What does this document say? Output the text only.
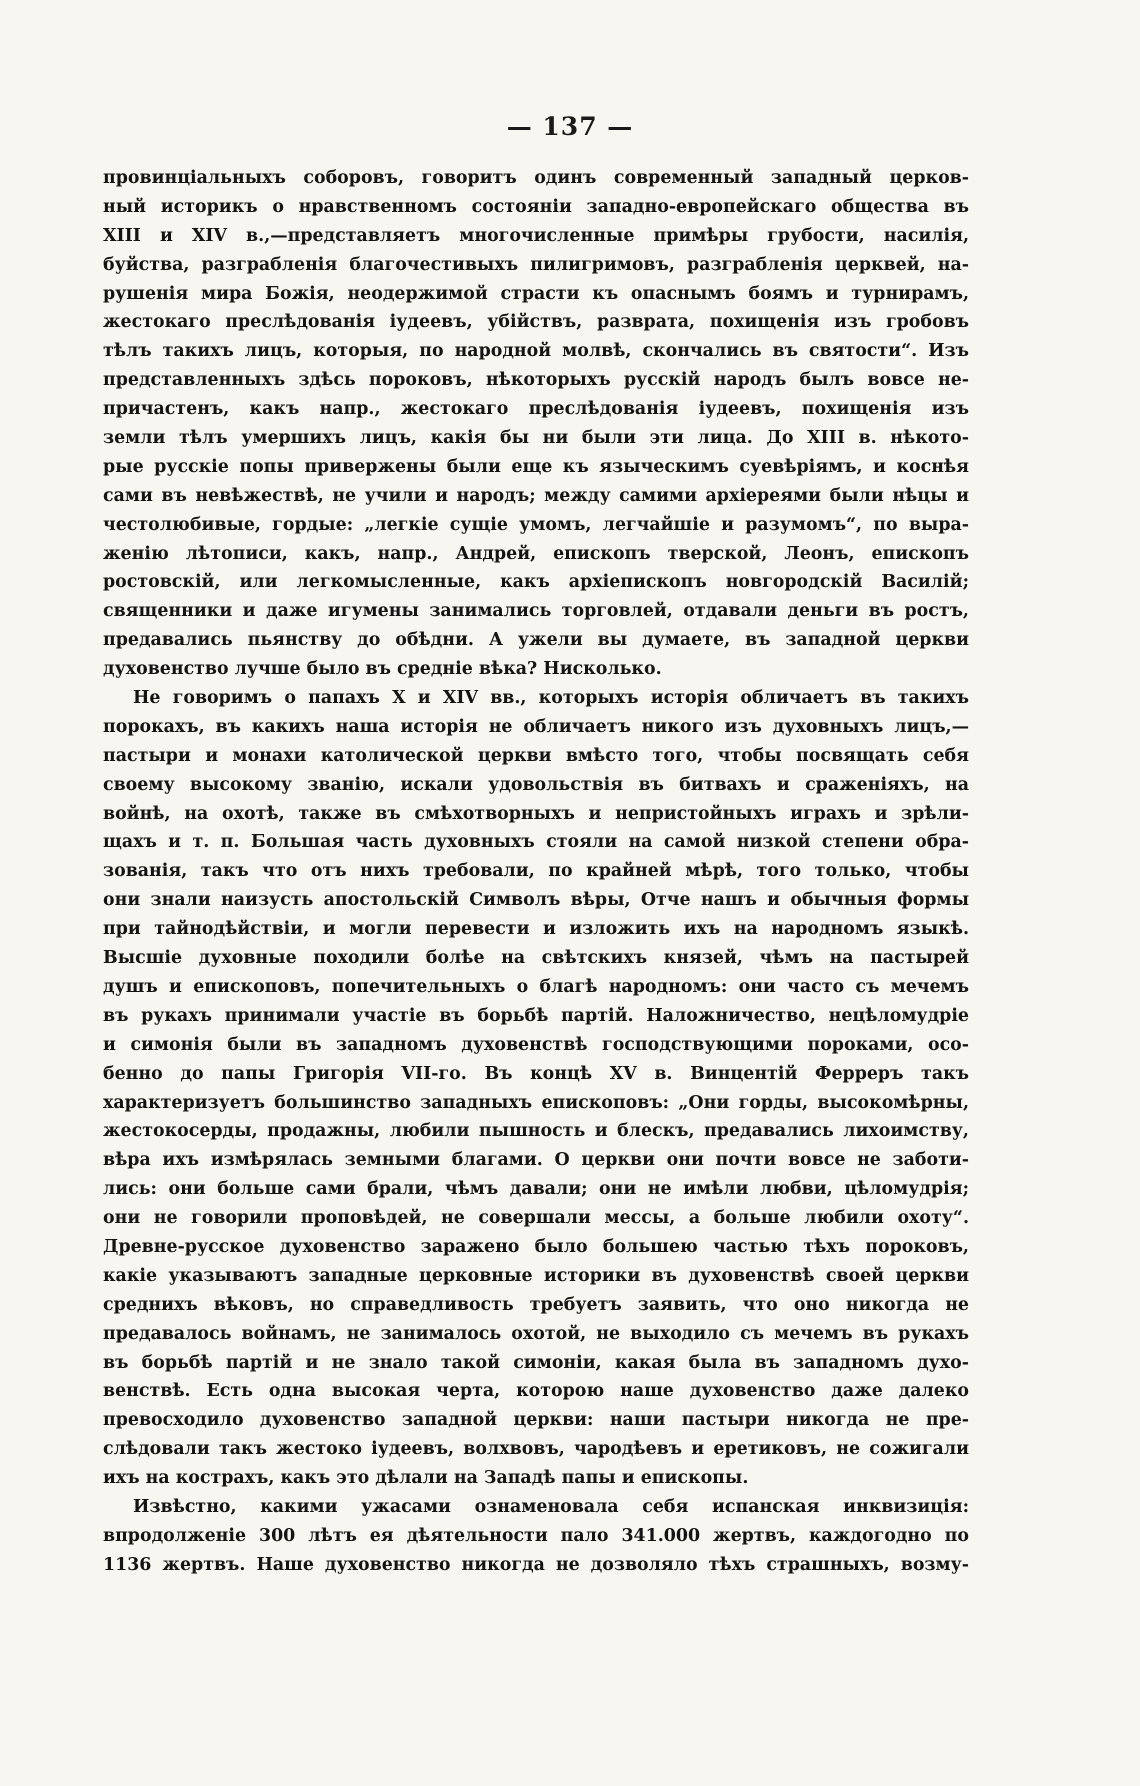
— 137 —
провинціальныхъ соборовъ, говоритъ одинъ современный западный церков-
ный историкъ о нравственномъ состояніи западно-европейскаго общества въ
XIII и XIV в.,—представляетъ многочисленные примѣры грубости, насилія,
буйства, разграбленія благочестивыхъ пилигримовъ, разграбленія церквей, на-
рушенія мира Божія, неодержимой страсти къ опаснымъ боямъ и турнирамъ,
жестокаго преслѣдованія іудеевъ, убійствъ, разврата, похищенія изъ гробовъ
тѣлъ такихъ лицъ, которыя, по народной молвѣ, скончались въ святости“. Изъ
представленныхъ здѣсь пороковъ, нѣкоторыхъ русскій народъ былъ вовсе не-
причастенъ, какъ напр., жестокаго преслѣдованія іудеевъ, похищенія изъ
земли тѣлъ умершихъ лицъ, какія бы ни были эти лица. До XIII в. нѣкото-
рые русскіе попы привержены были еще къ языческимъ суевѣріямъ, и коснѣя
сами въ невѣжествѣ, не учили и народъ; между самими архіереями были нѣцы и
честолюбивые, гордые: „легкіе сущіе умомъ, легчайшіе и разумомъ“, по выра-
женію лѣтописи, какъ, напр., Андрей, епископъ тверской, Леонъ, епископъ
ростовскій, или легкомысленные, какъ архіепископъ новгородскій Василій;
священники и даже игумены занимались торговлей, отдавали деньги въ ростъ,
предавались пьянству до обѣдни. А ужели вы думаете, въ западной церкви
духовенство лучше было въ средніе вѣка? Нисколько.
Не говоримъ о папахъ X и XIV вв., которыхъ исторія обличаетъ въ такихъ
порокахъ, въ какихъ наша исторія не обличаетъ никого изъ духовныхъ лицъ,—
пастыри и монахи католической церкви вмѣсто того, чтобы посвящать себя
своему высокому званію, искали удовольствія въ битвахъ и сраженіяхъ, на
войнѣ, на охотѣ, также въ смѣхотворныхъ и непристойныхъ играхъ и зрѣли-
щахъ и т. п. Большая часть духовныхъ стояли на самой низкой степени обра-
зованія, такъ что отъ нихъ требовали, по крайней мѣрѣ, того только, чтобы
они знали наизусть апостольскій Символъ вѣры, Отче нашъ и обычныя формы
при тайнодѣйствіи, и могли перевести и изложить ихъ на народномъ языкѣ.
Высшіе духовные походили болѣе на свѣтскихъ князей, чѣмъ на пастырей
душъ и епископовъ, попечительныхъ о благѣ народномъ: они часто съ мечемъ
въ рукахъ принимали участіе въ борьбѣ партій. Наложничество, нецѣломудріе
и симонія были въ западномъ духовенствѣ господствующими пороками, осо-
бенно до папы Григорія VII-го. Въ концѣ XV в. Винцентій Ферреръ такъ
характеризуетъ большинство западныхъ епископовъ: „Они горды, высокомѣрны,
жестокосерды, продажны, любили пышность и блескъ, предавались лихоимству,
вѣра ихъ измѣрялась земными благами. О церкви они почти вовсе не заботи-
лись: они больше сами брали, чѣмъ давали; они не имѣли любви, цѣломудрія;
они не говорили проповѣдей, не совершали мессы, а больше любили охоту“.
Древне-русское духовенство заражено было большею частью тѣхъ пороковъ,
какіе указываютъ западные церковные историки въ духовенствѣ своей церкви
среднихъ вѣковъ, но справедливость требуетъ заявить, что оно никогда не
предавалось войнамъ, не занималось охотой, не выходило съ мечемъ въ рукахъ
въ борьбѣ партій и не знало такой симоніи, какая была въ западномъ духо-
венствѣ. Есть одна высокая черта, которою наше духовенство даже далеко
превосходило духовенство западной церкви: наши пастыри никогда не пре-
слѣдовали такъ жестоко іудеевъ, волхвовъ, чародѣевъ и еретиковъ, не сожигали
ихъ на кострахъ, какъ это дѣлали на Западѣ папы и епископы.
Извѣстно, какими ужасами ознаменовала себя испанская инквизиція:
впродолженіе 300 лѣтъ ея дѣятельности пало 341.000 жертвъ, каждогодно по
1136 жертвъ. Наше духовенство никогда не дозволяло тѣхъ страшныхъ, возму-
